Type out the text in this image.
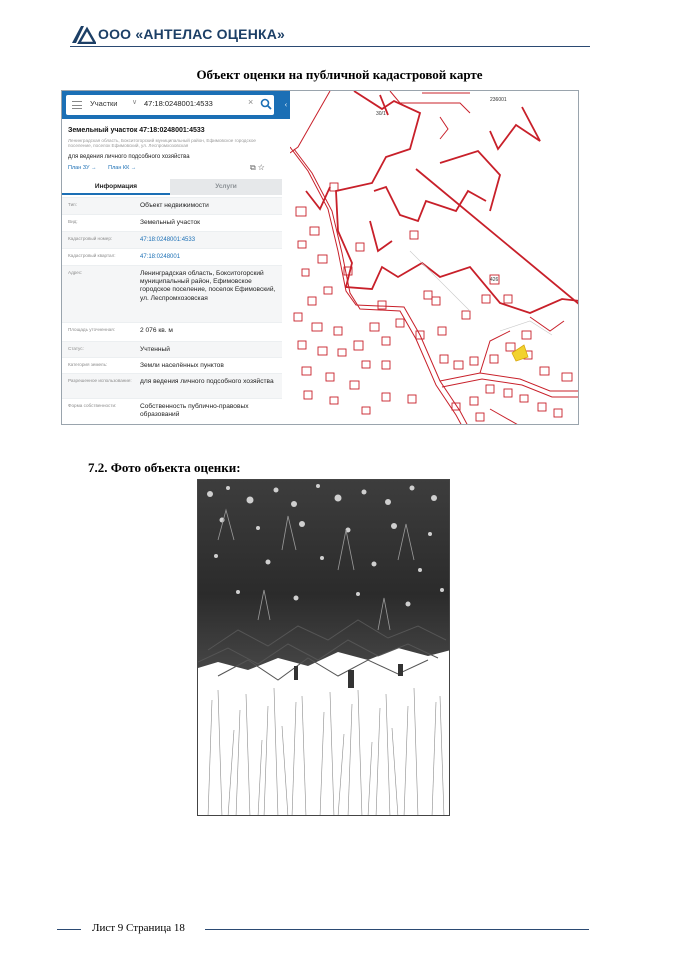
ООО «АНТЕЛАС ОЦЕНКА»
Объект оценки на публичной кадастровой карте
Участки ∨ 47:18:0248001:4533	×
Земельный участок 47:18:0248001:4533
Ленинградская область, Бокситогорский муниципальный район, Ефимовское городское поселение, поселок Ефимовский, ул. Леспромхозовская
для ведения личного подсобного хозяйства
План ЗУ → План КК →	⧉ ☆
Информация	Услуги
Тип:	Объект недвижимости
Вид:	Земельный участок
Кадастровый номер:	47:18:0248001:4533
Кадастровый квартал:	47:18:0248001
Адрес:	Ленинградская область, Бокситогорский муниципальный район, Ефимовское городское поселение, поселок Ефимовский, ул. Леспромхозовская
Площадь уточненная:	2 076 кв. м
Статус:	Учтенный
Категория земель:	Земли населённых пунктов
Разрешенное использование:	для ведения личного подсобного хозяйства
Форма собственности:	Собственность публично-правовых образований
‹	236001
30/1
426
7.2. Фото объекта оценки:
Лист 9 Страница 18
